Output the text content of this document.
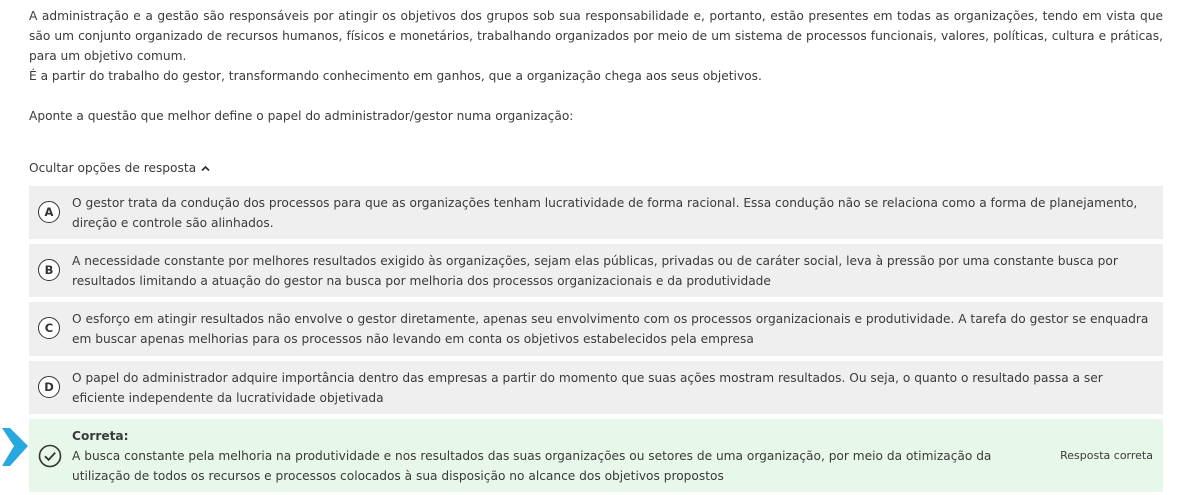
A administração e a gestão são responsáveis por atingir os objetivos dos grupos sob sua responsabilidade e, portanto, estão presentes em todas as organizações, tendo em vista que são um conjunto organizado de recursos humanos, físicos e monetários, trabalhando organizados por meio de um sistema de processos funcionais, valores, políticas, cultura e práticas, para um objetivo comum.

É a partir do trabalho do gestor, transformando conhecimento em ganhos, que a organização chega aos seus objetivos.

Aponte a questão que melhor define o papel do administrador/gestor numa organização:

Ocultar opções de resposta
A
O gestor trata da condução dos processos para que as organizações tenham lucratividade de forma racional. Essa condução não se relaciona como a forma de planejamento, direção e controle são alinhados.
B
A necessidade constante por melhores resultados exigido às organizações, sejam elas públicas, privadas ou de caráter social, leva à pressão por uma constante busca por resultados limitando a atuação do gestor na busca por melhoria dos processos organizacionais e da produtividade
C
O esforço em atingir resultados não envolve o gestor diretamente, apenas seu envolvimento com os processos organizacionais e produtividade. A tarefa do gestor se enquadra em buscar apenas melhorias para os processos não levando em conta os objetivos estabelecidos pela empresa
D
O papel do administrador adquire importância dentro das empresas a partir do momento que suas ações mostram resultados. Ou seja, o quanto o resultado passa a ser eficiente independente da lucratividade objetivada
Correta:
A busca constante pela melhoria na produtividade e nos resultados das suas organizações ou setores de uma organização, por meio da otimização da utilização de todos os recursos e processos colocados à sua disposição no alcance dos objetivos propostos
Resposta correta
